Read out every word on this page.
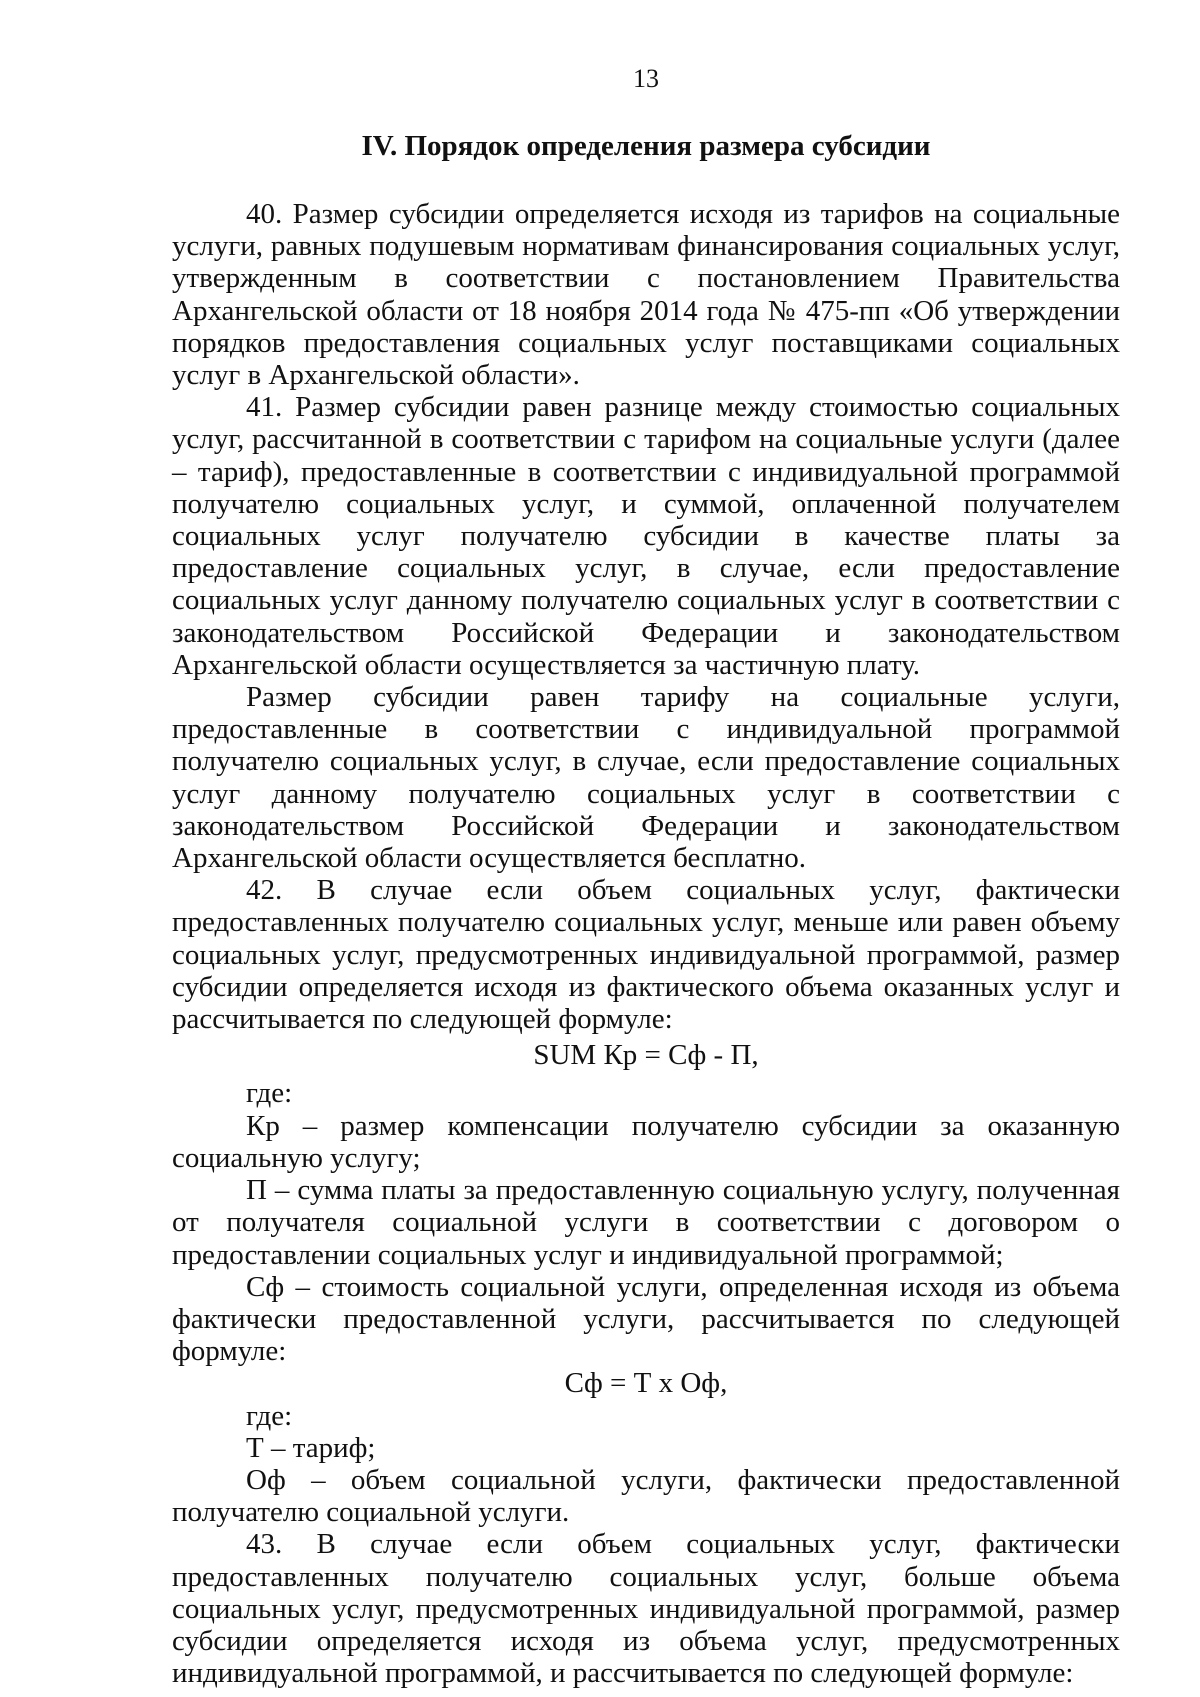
13
IV. Порядок определения размера субсидии

40. Размер субсидии определяется исходя из тарифов на социальные услуги, равных подушевым нормативам финансирования социальных услуг, утвержденным в соответствии с постановлением Правительства Архангельской области от 18 ноября 2014 года № 475-пп «Об утверждении порядков предоставления социальных услуг поставщиками социальных услуг в Архангельской области».

41. Размер субсидии равен разнице между стоимостью социальных услуг, рассчитанной в соответствии с тарифом на социальные услуги (далее – тариф), предоставленные в соответствии с индивидуальной программой получателю социальных услуг, и суммой, оплаченной получателем социальных услуг получателю субсидии в качестве платы за предоставление социальных услуг, в случае, если предоставление социальных услуг данному получателю социальных услуг в соответствии с законодательством Российской Федерации и законодательством Архангельской области осуществляется за частичную плату.

Размер субсидии равен тарифу на социальные услуги, предоставленные в соответствии с индивидуальной программой получателю социальных услуг, в случае, если предоставление социальных услуг данному получателю социальных услуг в соответствии с законодательством Российской Федерации и законодательством Архангельской области осуществляется бесплатно.

42. В случае если объем социальных услуг, фактически предоставленных получателю социальных услуг, меньше или равен объему социальных услуг, предусмотренных индивидуальной программой, размер субсидии определяется исходя из фактического объема оказанных услуг и рассчитывается по следующей формуле:

SUM Кр = Сф - П,

где:

Кр – размер компенсации получателю субсидии за оказанную социальную услугу;

П – сумма платы за предоставленную социальную услугу, полученная от получателя социальной услуги в соответствии с договором о предоставлении социальных услуг и индивидуальной программой;

Сф – стоимость социальной услуги, определенная исходя из объема фактически предоставленной услуги, рассчитывается по следующей формуле:

Сф = Т х Оф,

где:

Т – тариф;

Оф – объем социальной услуги, фактически предоставленной получателю социальной услуги.

43. В случае если объем социальных услуг, фактически предоставленных получателю социальных услуг, больше объема социальных услуг, предусмотренных индивидуальной программой, размер субсидии определяется исходя из объема услуг, предусмотренных индивидуальной программой, и рассчитывается по следующей формуле:
